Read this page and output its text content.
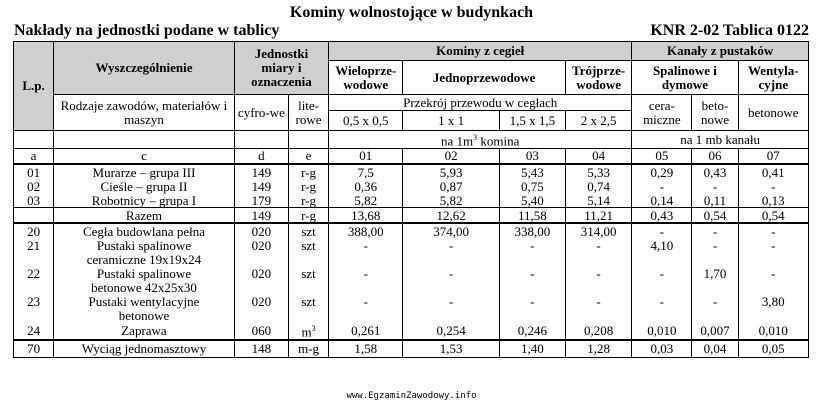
Kominy wolnostojące w budynkach
Nakłady na jednostki podane w tablicy	KNR 2-02 Tablica 0122
L.p.	Wyszczególnienie	Jednostki miary i oznaczenia		Kominy z cegieł				Kanały z pustaków		
				Wieloprze-wodowe	Jednoprzewodowe		Trójprze-wodowe	Spalinowe i dymowe		Wentyla-cyjne
	Rodzaje zawodów, materiałów i maszyn	cyfro-we	lite-rowe	Przekrój przewodu w cegłach				cera-miczne	beto-nowe	betonowe
				0,5 x 0,5	1 x 1	1,5 x 1,5	2 x 2,5			
				na $1m^3$ komina				na 1 mb kanału		
a	c	d	e	01	02	03	04	05	06	07
01	Murarze – grupa III	149	r-g	7,5	5,93	5,43	5,33	0,29	0,43	0,41
02	Cieśle – grupa II	149	r-g	0,36	0,87	0,75	0,74	-	-	-
03	Robotnicy – grupa I	179	r-g	5,82	5,82	5,40	5,14	0,14	0,11	0,13
	Razem	149	r-g	13,68	12,62	11,58	11,21	0,43	0,54	0,54
20	Cegła budowlana pełna	020	szt	388,00	374,00	338,00	314,00	-	-	-
21	Pustaki spalinowe	020	szt	-	-	-	-	4,10	-	-
	ceramiczne 19x19x24									
22	Pustaki spalinowe	020	szt	-	-	-	-	-	1,70	-
	betonowe 42x25x30									
23	Pustaki wentylacyjne	020	szt	-	-	-	-	-	-	3,80
	betonowe									
24	Zaprawa	060	$m^3$	0,261	0,254	0,246	0,208	0,010	0,007	0,010
70	Wyciąg jednomasztowy	148	m-g	1,58	1,53	1,40	1,28	0,03	0,04	0,05
www.EgzaminZawodowy.info
